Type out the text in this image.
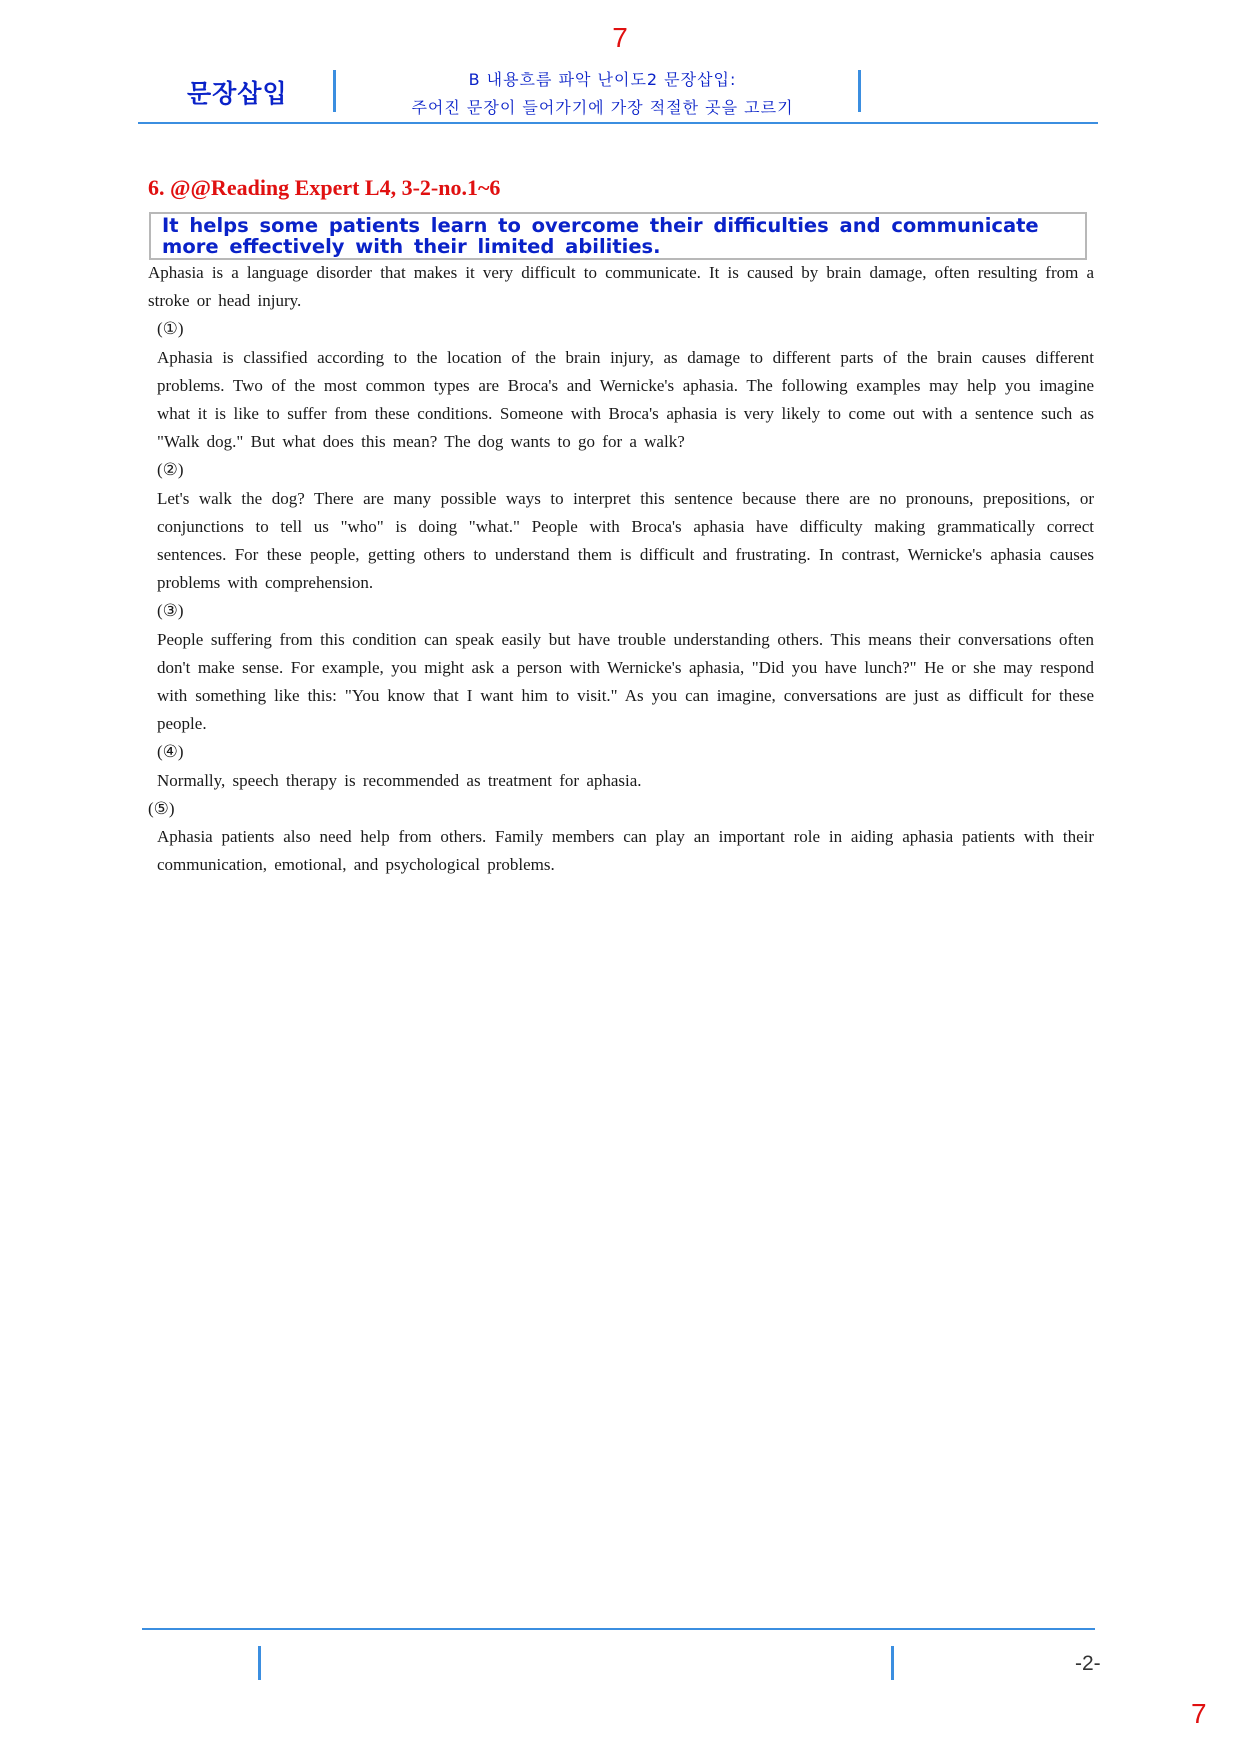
7
문장삽입	B 내용흐름 파악 난이도2 문장삽입:
주어진 문장이 들어가기에 가장 적절한 곳을 고르기
6. @@Reading Expert L4, 3-2-no.1~6
It helps some patients learn to overcome their difficulties and communicate more effectively with their limited abilities.

Aphasia is a language disorder that makes it very difficult to communicate. It is caused by brain damage, often resulting from a stroke or head injury.

(①)

Aphasia is classified according to the location of the brain injury, as damage to different parts of the brain causes different problems. Two of the most common types are Broca's and Wernicke's aphasia. The following examples may help you imagine what it is like to suffer from these conditions. Someone with Broca's aphasia is very likely to come out with a sentence such as "Walk dog." But what does this mean? The dog wants to go for a walk?

(②)

Let's walk the dog? There are many possible ways to interpret this sentence because there are no pronouns, prepositions, or conjunctions to tell us "who" is doing "what." People with Broca's aphasia have difficulty making grammatically correct sentences. For these people, getting others to understand them is difficult and frustrating. In contrast, Wernicke's aphasia causes problems with comprehension.

(③)

People suffering from this condition can speak easily but have trouble understanding others. This means their conversations often don't make sense. For example, you might ask a person with Wernicke's aphasia, "Did you have lunch?" He or she may respond with something like this: "You know that I want him to visit." As you can imagine, conversations are just as difficult for these people.

(④)

Normally, speech therapy is recommended as treatment for aphasia.

(⑤)

Aphasia patients also need help from others. Family members can play an important role in aiding aphasia patients with their communication, emotional, and psychological problems.

-2-
7
